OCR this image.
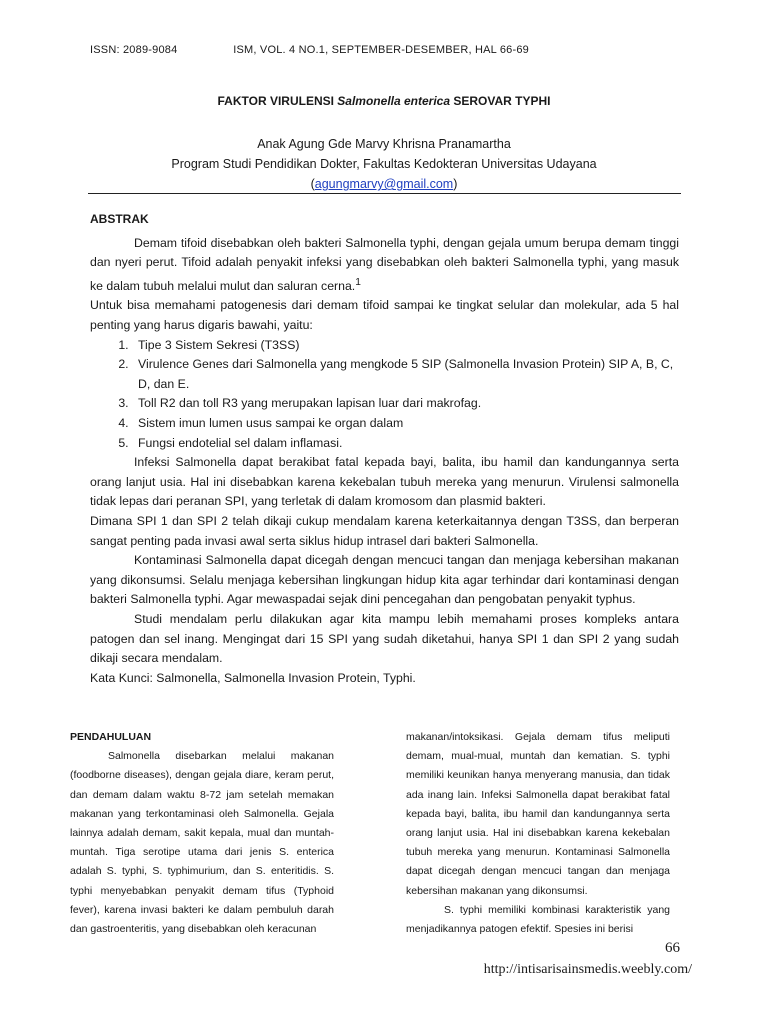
ISSN: 2089-9084	ISM, VOL. 4 NO.1, SEPTEMBER-DESEMBER, HAL 66-69
FAKTOR VIRULENSI Salmonella enterica SEROVAR TYPHI
Anak Agung Gde Marvy Khrisna Pranamartha
Program Studi Pendidikan Dokter, Fakultas Kedokteran Universitas Udayana
(agungmarvy@gmail.com)
ABSTRAK

Demam tifoid disebabkan oleh bakteri Salmonella typhi, dengan gejala umum berupa demam tinggi dan nyeri perut. Tifoid adalah penyakit infeksi yang disebabkan oleh bakteri Salmonella typhi, yang masuk ke dalam tubuh melalui mulut dan saluran cerna.$^1$

Untuk bisa memahami patogenesis dari demam tifoid sampai ke tingkat selular dan molekular, ada 5 hal penting yang harus digaris bawahi, yaitu:

1. Tipe 3 Sistem Sekresi (T3SS)
2. Virulence Genes dari Salmonella yang mengkode 5 SIP (Salmonella Invasion Protein) SIP A, B, C, D, dan E.
3. Toll R2 dan toll R3 yang merupakan lapisan luar dari makrofag.
4. Sistem imun lumen usus sampai ke organ dalam
5. Fungsi endotelial sel dalam inflamasi.

Infeksi Salmonella dapat berakibat fatal kepada bayi, balita, ibu hamil dan kandungannya serta orang lanjut usia. Hal ini disebabkan karena kekebalan tubuh mereka yang menurun. Virulensi salmonella tidak lepas dari peranan SPI, yang terletak di dalam kromosom dan plasmid bakteri.

Dimana SPI 1 dan SPI 2 telah dikaji cukup mendalam karena keterkaitannya dengan T3SS, dan berperan sangat penting pada invasi awal serta siklus hidup intrasel dari bakteri Salmonella.

Kontaminasi Salmonella dapat dicegah dengan mencuci tangan dan menjaga kebersihan makanan yang dikonsumsi. Selalu menjaga kebersihan lingkungan hidup kita agar terhindar dari kontaminasi dengan bakteri Salmonella typhi. Agar mewaspadai sejak dini pencegahan dan pengobatan penyakit typhus.

Studi mendalam perlu dilakukan agar kita mampu lebih memahami proses kompleks antara patogen dan sel inang. Mengingat dari 15 SPI yang sudah diketahui, hanya SPI 1 dan SPI 2 yang sudah dikaji secara mendalam.

Kata Kunci: Salmonella, Salmonella Invasion Protein, Typhi.

PENDAHULUAN

Salmonella disebarkan melalui makanan (foodborne diseases), dengan gejala diare, keram perut, dan demam dalam waktu 8-72 jam setelah memakan makanan yang terkontaminasi oleh Salmonella. Gejala lainnya adalah demam, sakit kepala, mual dan muntah-muntah. Tiga serotipe utama dari jenis S. enterica adalah S. typhi, S. typhimurium, dan S. enteritidis. S. typhi menyebabkan penyakit demam tifus (Typhoid fever), karena invasi bakteri ke dalam pembuluh darah dan gastroenteritis, yang disebabkan oleh keracunan

makanan/intoksikasi. Gejala demam tifus meliputi demam, mual-mual, muntah dan kematian. S. typhi memiliki keunikan hanya menyerang manusia, dan tidak ada inang lain. Infeksi Salmonella dapat berakibat fatal kepada bayi, balita, ibu hamil dan kandungannya serta orang lanjut usia. Hal ini disebabkan karena kekebalan tubuh mereka yang menurun. Kontaminasi Salmonella dapat dicegah dengan mencuci tangan dan menjaga kebersihan makanan yang dikonsumsi.

S. typhi memiliki kombinasi karakteristik yang menjadikannya patogen efektif. Spesies ini berisi

66
http://intisarisainsmedis.weebly.com/
